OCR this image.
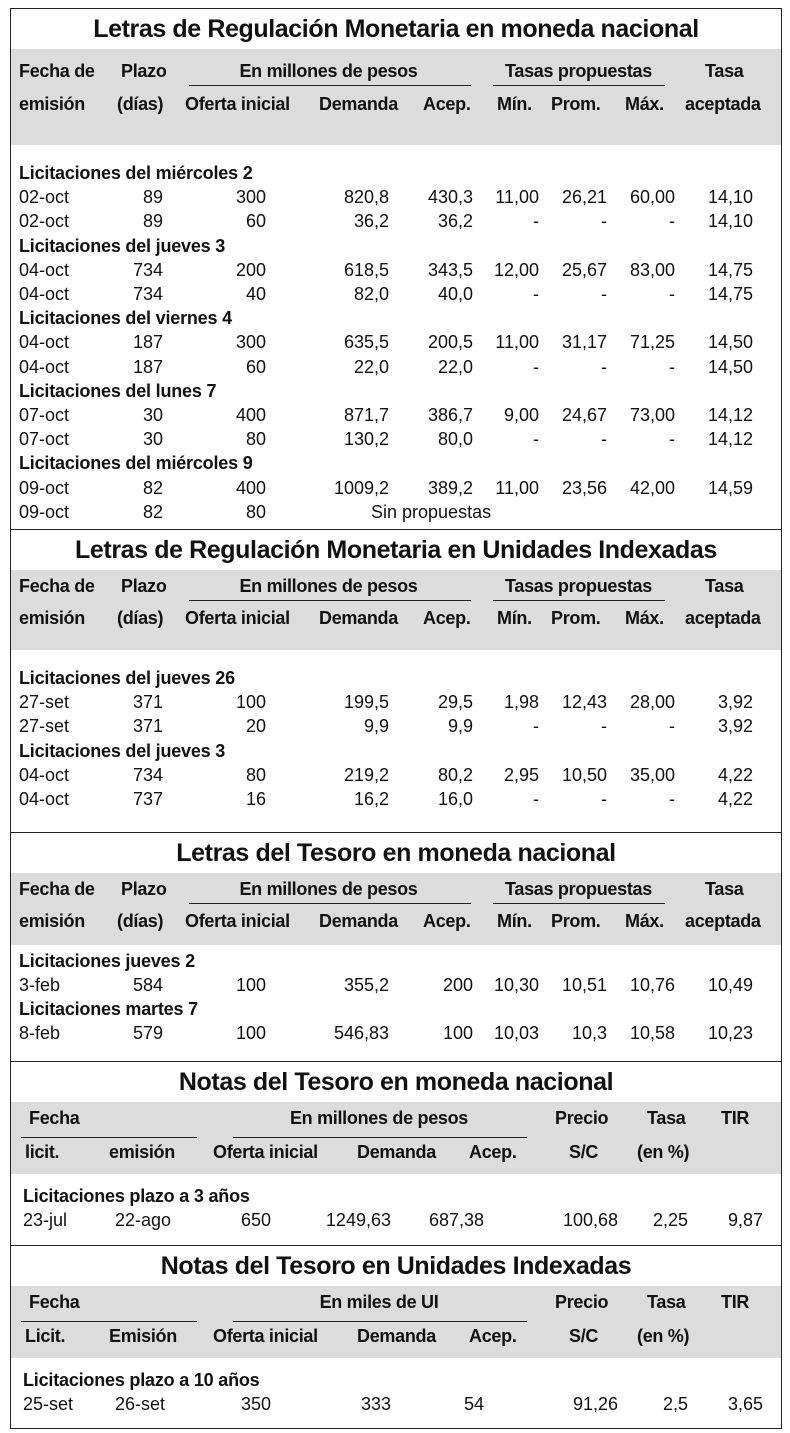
Letras de Regulación Monetaria en moneda nacional
Fecha de
emisión
Plazo
(días)
En millones de pesos
Oferta inicial Demanda Acep.
Tasas propuestas
Mín. Prom. Máx.
Tasa
aceptada
Licitaciones del miércoles 2
02-oct	89	300	820,8 430,3 11,00 26,21 60,00 14,10
02-oct	89	60	36,2	36,2	-	-	- 14,10
Licitaciones del jueves 3
04-oct	734	200	618,5 343,5 12,00 25,67 83,00 14,75
04-oct	734	40	82,0	40,0	-	-	- 14,75
Licitaciones del viernes 4
04-oct	187	300	635,5 200,5 11,00 31,17 71,25 14,50
04-oct	187	60	22,0	22,0	-	-	- 14,50
Licitaciones del lunes 7
07-oct	30	400	871,7 386,7 9,00 24,67 73,00 14,12
07-oct	30	80	130,2	80,0	-	-	- 14,12
Licitaciones del miércoles 9
09-oct	82	400	1009,2 389,2 11,00 23,56 42,00 14,59
09-oct	82	80	Sin propuestas
Letras de Regulación Monetaria en Unidades Indexadas
Fecha de
emisión
Plazo
(días)
En millones de pesos
Oferta inicial Demanda Acep.
Tasas propuestas
Mín. Prom. Máx.
Tasa
aceptada
Licitaciones del jueves 26
27-set	371	100	199,5	29,5 1,98 12,43 28,00 3,92
27-set	371	20	9,9	9,9	-	-	- 3,92
Licitaciones del jueves 3
04-oct	734	80	219,2	80,2 2,95 10,50 35,00 4,22
04-oct	737	16	16,2	16,0	-	-	- 4,22
Letras del Tesoro en moneda nacional
Fecha de
emisión
Plazo
(días)
En millones de pesos
Oferta inicial Demanda Acep.
Tasas propuestas
Mín. Prom. Máx.
Tasa
aceptada
Licitaciones jueves 2
3-feb	584	100	355,2	200 10,30 10,51 10,76 10,49
Licitaciones martes 7
8-feb	579	100	546,83	100 10,03 10,3 10,58 10,23
Notas del Tesoro en moneda nacional
Fecha
licit.	emisión
En millones de pesos
Oferta inicial Demanda Acep.
Precio
S/C
Tasa
(en %)
TIR
Licitaciones plazo a 3 años
23-jul	22-ago	650	1249,63 687,38	100,68 2,25 9,87
Notas del Tesoro en Unidades Indexadas
Fecha
Licit. Emisión
En miles de UI
Oferta inicial Demanda Acep.
Precio
S/C
Tasa
(en %)
TIR
Licitaciones plazo a 10 años
25-set 26-set	350	333	54	91,26 2,5 3,65
